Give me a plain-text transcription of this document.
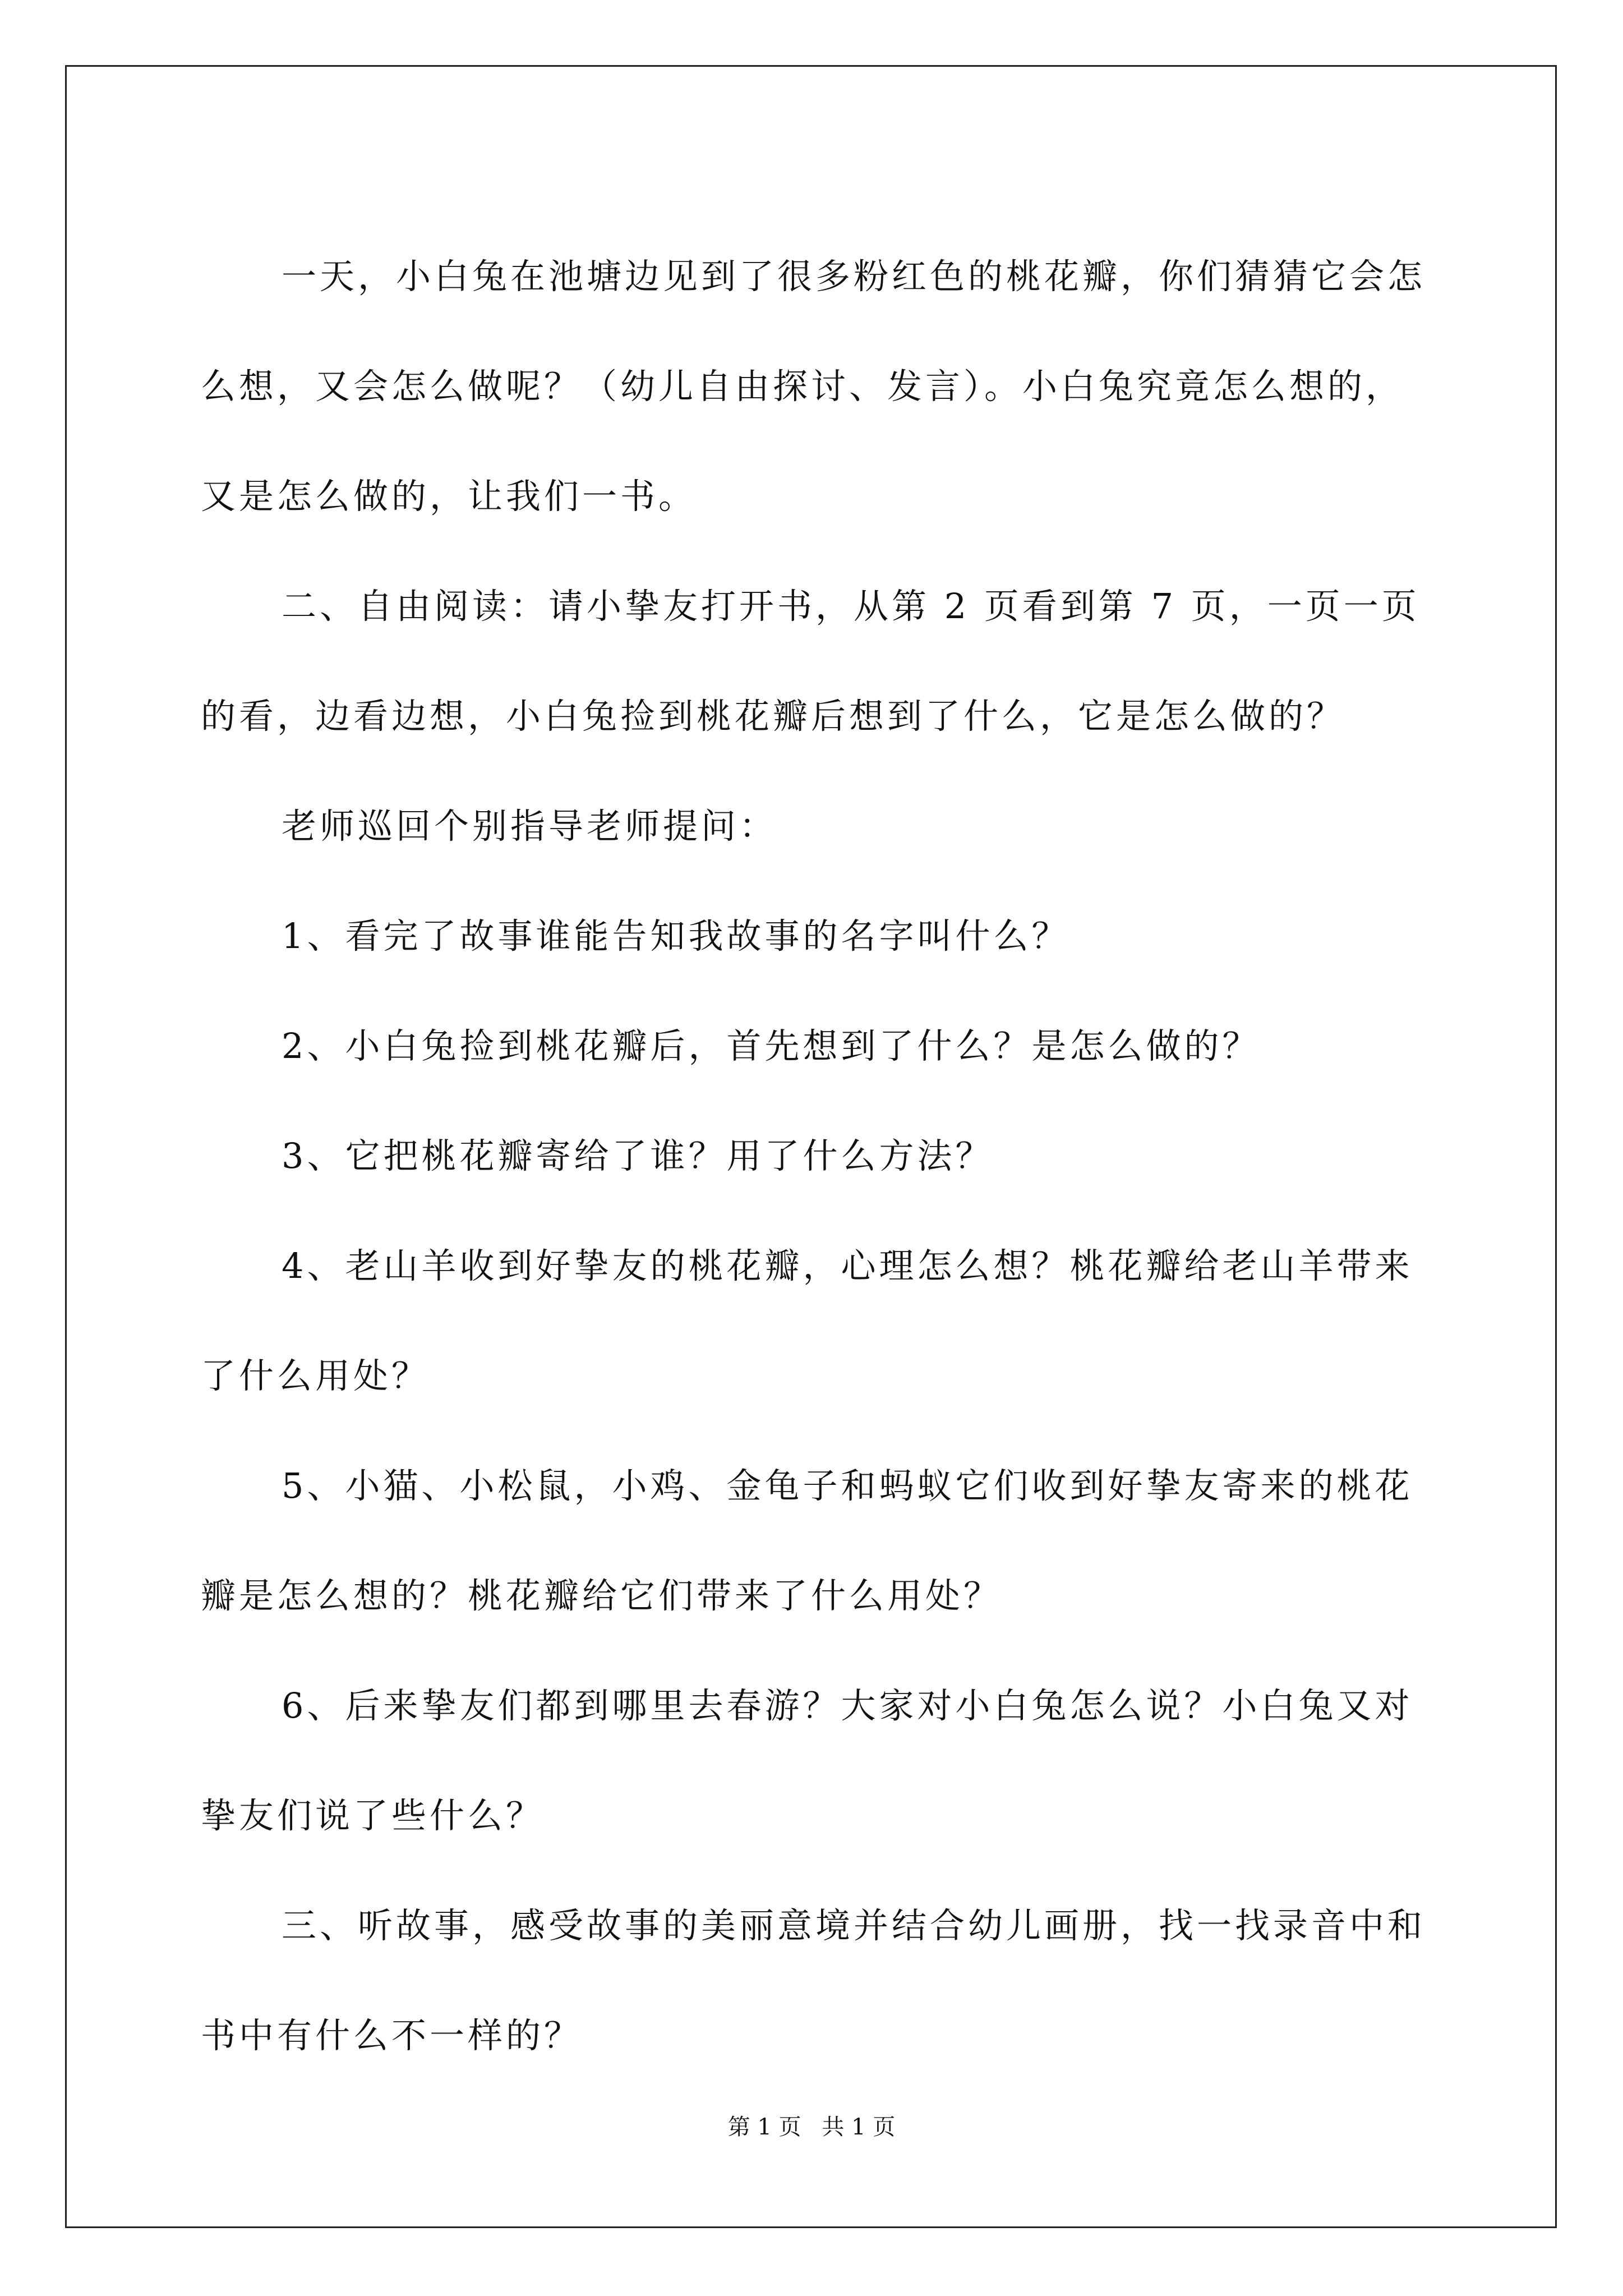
一天，小白兔在池塘边见到了很多粉红色的桃花瓣，你们猜猜它会怎么想，又会怎么做呢？（幼儿自由探讨、发言）。小白兔究竟怎么想的，又是怎么做的，让我们一书。

二、自由阅读：请小挚友打开书，从第 2 页看到第 7 页，一页一页的看，边看边想，小白兔捡到桃花瓣后想到了什么，它是怎么做的？

老师巡回个别指导老师提问：

1、看完了故事谁能告知我故事的名字叫什么？

2、小白兔捡到桃花瓣后，首先想到了什么？是怎么做的？

3、它把桃花瓣寄给了谁？用了什么方法？

4、老山羊收到好挚友的桃花瓣，心理怎么想？桃花瓣给老山羊带来了什么用处？

5、小猫、小松鼠，小鸡、金龟子和蚂蚁它们收到好挚友寄来的桃花瓣是怎么想的？桃花瓣给它们带来了什么用处？

6、后来挚友们都到哪里去春游？大家对小白兔怎么说？小白兔又对挚友们说了些什么？

三、听故事，感受故事的美丽意境并结合幼儿画册，找一找录音中和书中有什么不一样的？

第 1 页 共 1 页
